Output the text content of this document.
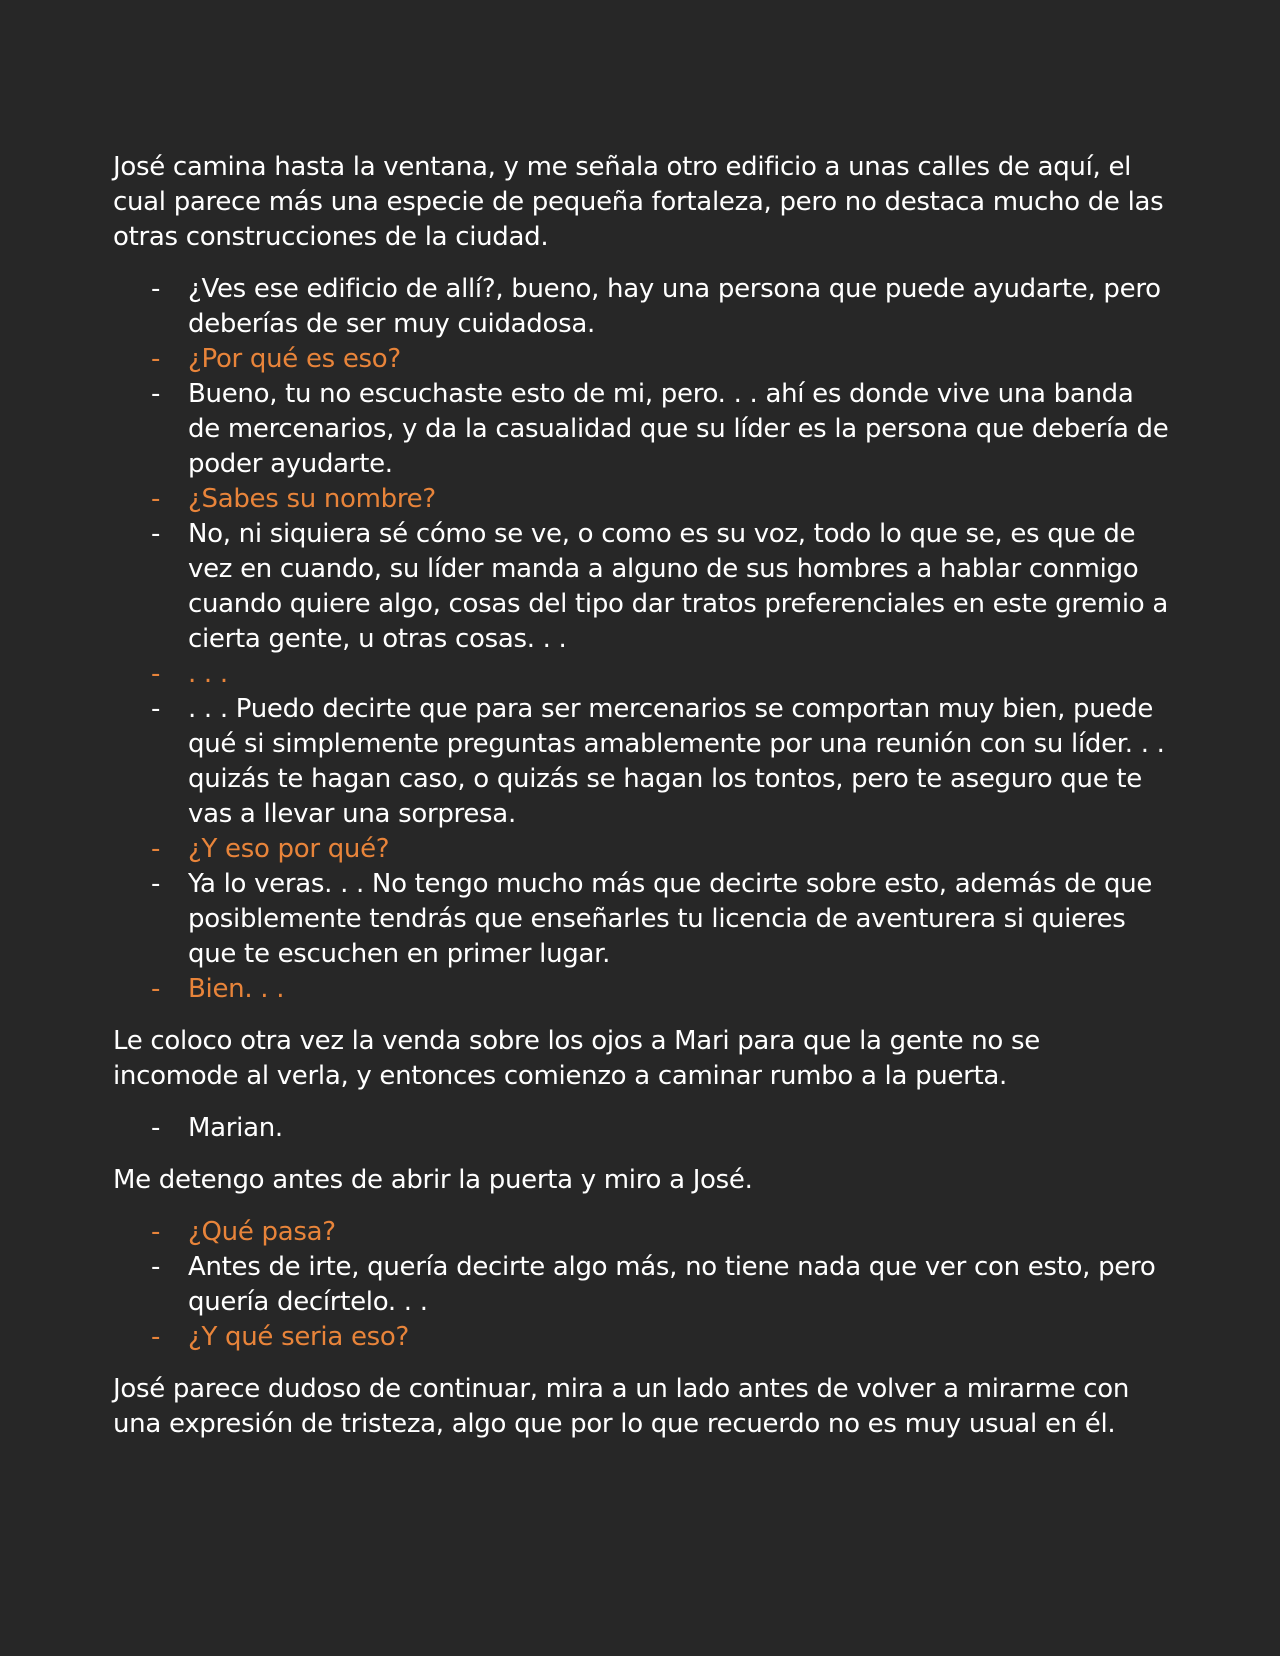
José camina hasta la ventana, y me señala otro edificio a unas calles de aquí, el cual parece más una especie de pequeña fortaleza, pero no destaca mucho de las otras construcciones de la ciudad.

-	¿Ves ese edificio de allí?, bueno, hay una persona que puede ayudarte, pero deberías de ser muy cuidadosa.
-	¿Por qué es eso?
-	Bueno, tu no escuchaste esto de mi, pero. . . ahí es donde vive una banda de mercenarios, y da la casualidad que su líder es la persona que debería de poder ayudarte.
-	¿Sabes su nombre?
-	No, ni siquiera sé cómo se ve, o como es su voz, todo lo que se, es que de vez en cuando, su líder manda a alguno de sus hombres a hablar conmigo cuando quiere algo, cosas del tipo dar tratos preferenciales en este gremio a cierta gente, u otras cosas. . .
-	. . .
-	. . . Puedo decirte que para ser mercenarios se comportan muy bien, puede qué si simplemente preguntas amablemente por una reunión con su líder. . . quizás te hagan caso, o quizás se hagan los tontos, pero te aseguro que te vas a llevar una sorpresa.
-	¿Y eso por qué?
-	Ya lo veras. . . No tengo mucho más que decirte sobre esto, además de que posiblemente tendrás que enseñarles tu licencia de aventurera si quieres que te escuchen en primer lugar.
-	Bien. . .

Le coloco otra vez la venda sobre los ojos a Mari para que la gente no se incomode al verla, y entonces comienzo a caminar rumbo a la puerta.

-	Marian.

Me detengo antes de abrir la puerta y miro a José.

-	¿Qué pasa?
-	Antes de irte, quería decirte algo más, no tiene nada que ver con esto, pero quería decírtelo. . .
-	¿Y qué seria eso?

José parece dudoso de continuar, mira a un lado antes de volver a mirarme con una expresión de tristeza, algo que por lo que recuerdo no es muy usual en él.
